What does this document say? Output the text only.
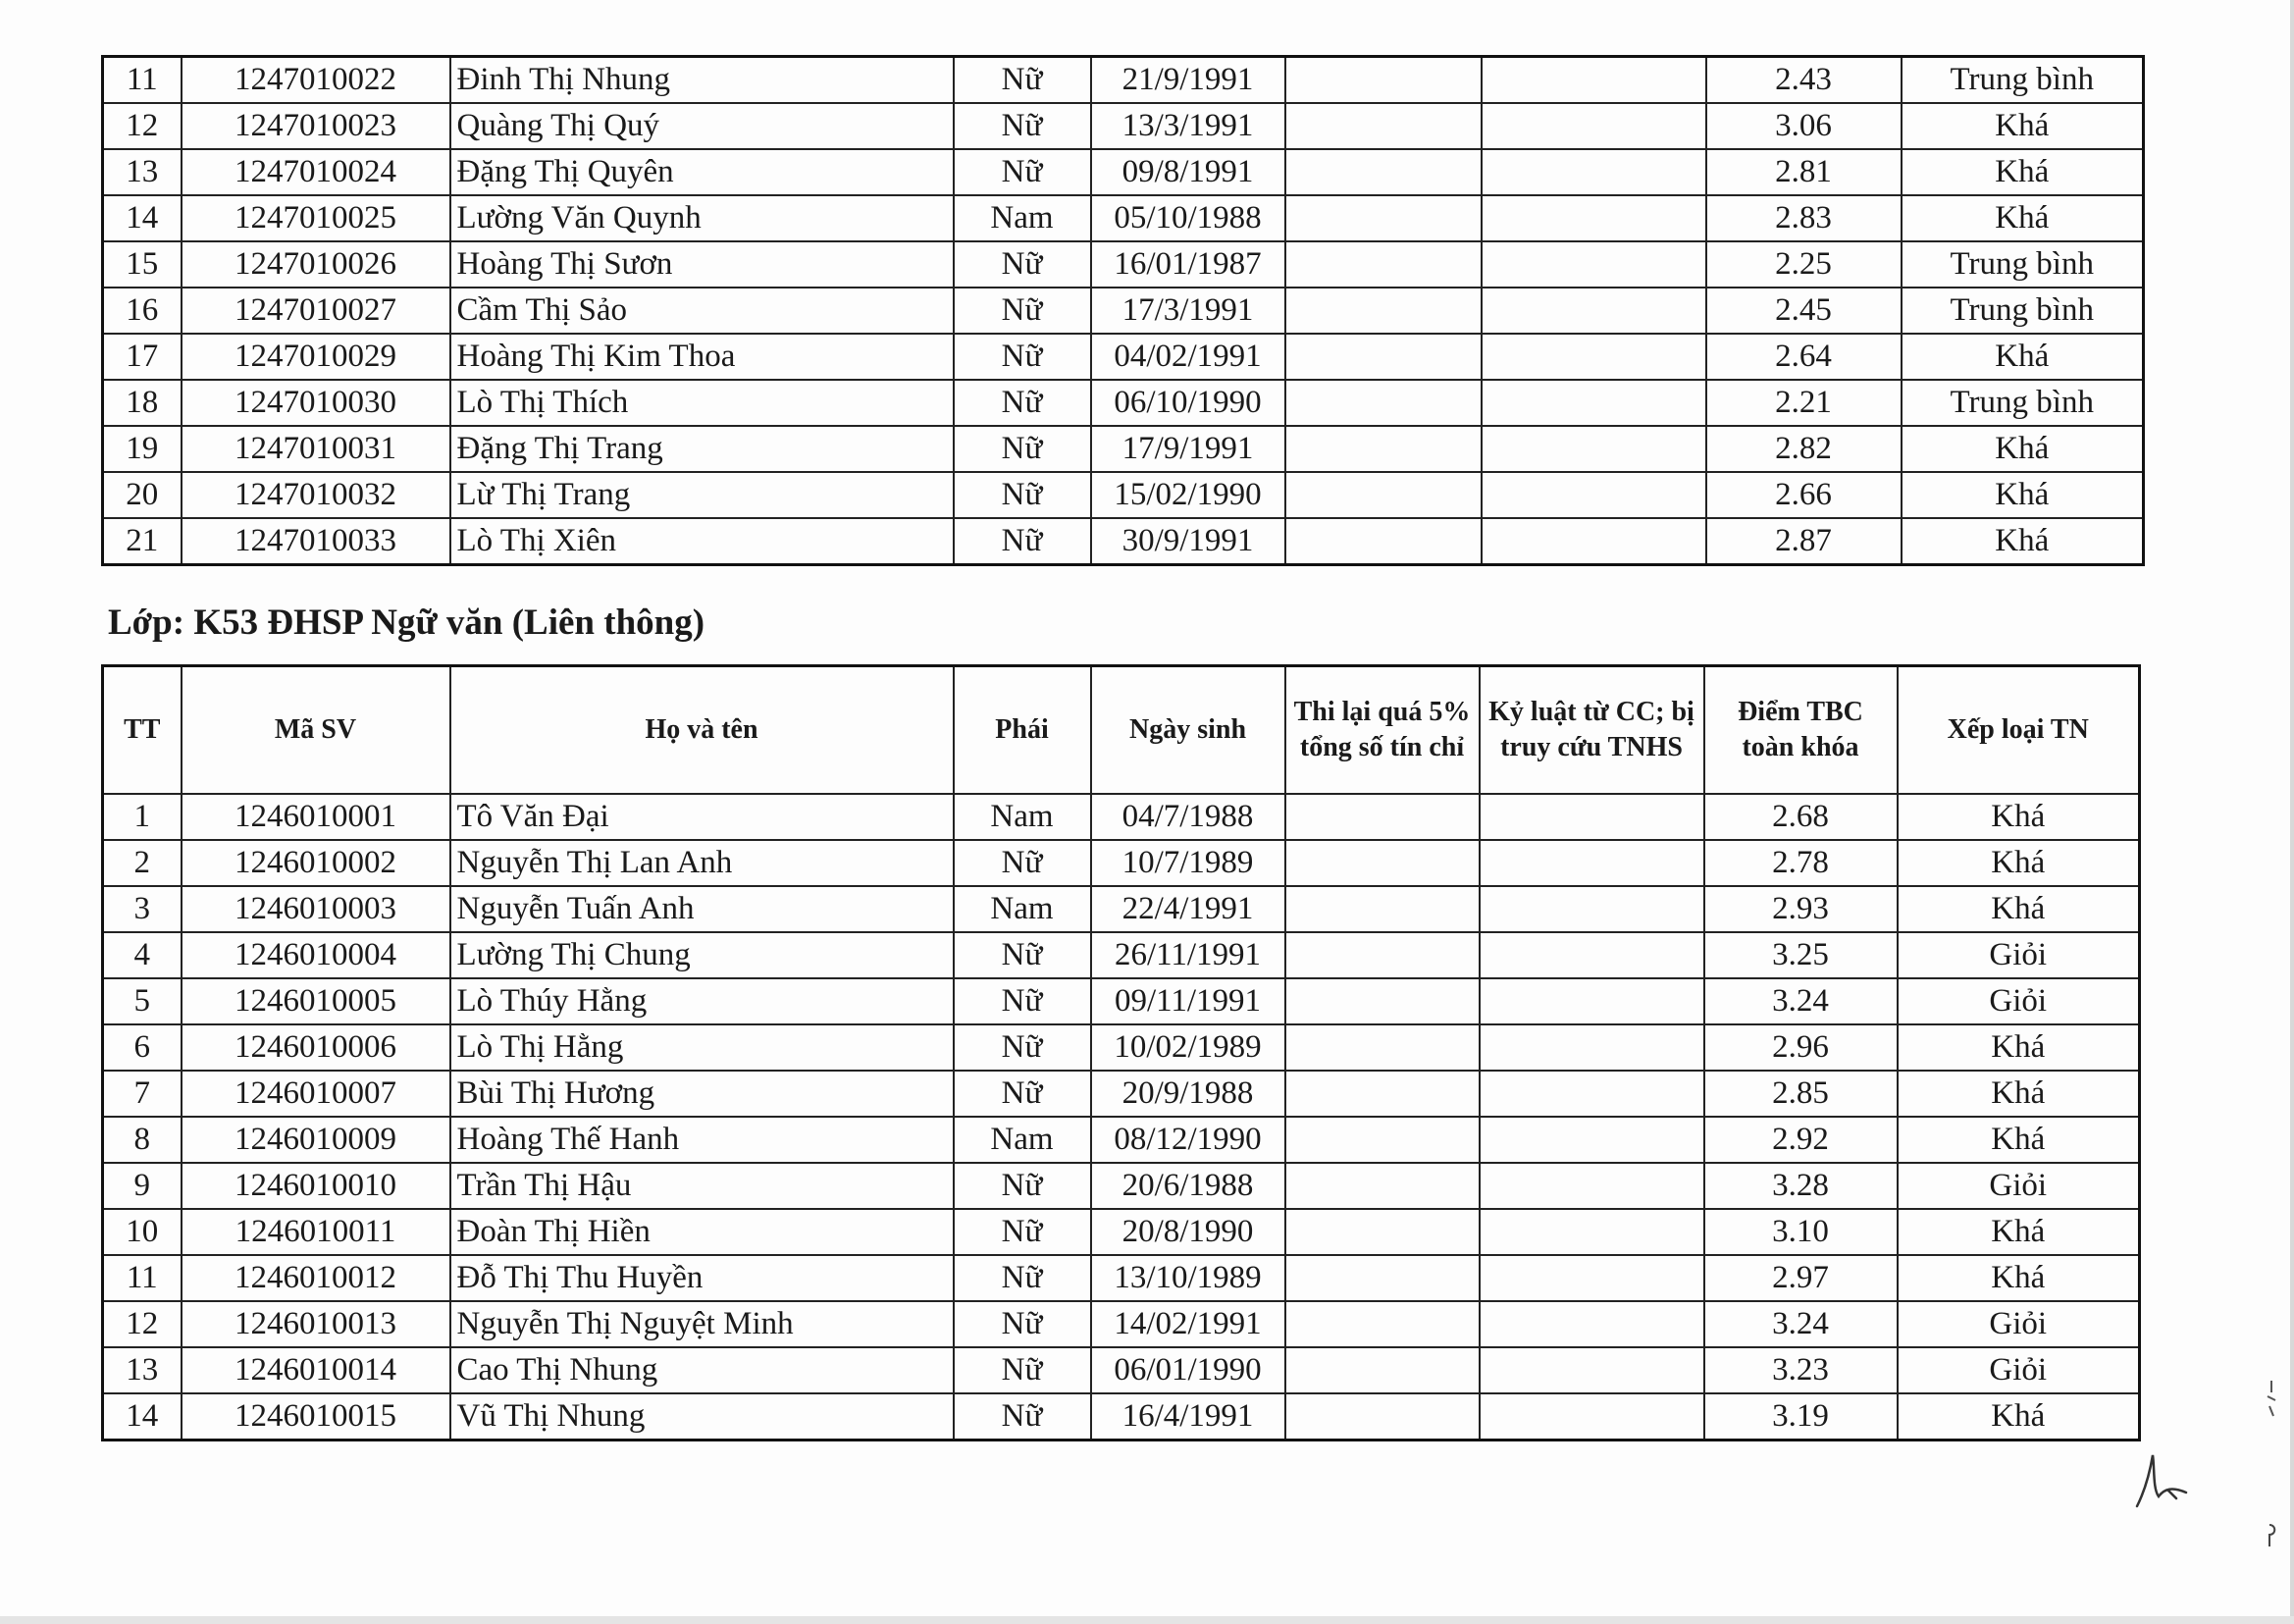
11	1247010022	Đinh Thị Nhung	Nữ	21/9/1991			2.43	Trung bình
12	1247010023	Quàng Thị Quý	Nữ	13/3/1991			3.06	Khá
13	1247010024	Đặng Thị Quyên	Nữ	09/8/1991			2.81	Khá
14	1247010025	Lường Văn Quynh	Nam	05/10/1988			2.83	Khá
15	1247010026	Hoàng Thị Sươn	Nữ	16/01/1987			2.25	Trung bình
16	1247010027	Cầm Thị Sảo	Nữ	17/3/1991			2.45	Trung bình
17	1247010029	Hoàng Thị Kim Thoa	Nữ	04/02/1991			2.64	Khá
18	1247010030	Lò Thị Thích	Nữ	06/10/1990			2.21	Trung bình
19	1247010031	Đặng Thị Trang	Nữ	17/9/1991			2.82	Khá
20	1247010032	Lừ Thị Trang	Nữ	15/02/1990			2.66	Khá
21	1247010033	Lò Thị Xiên	Nữ	30/9/1991			2.87	Khá
Lớp: K53 ĐHSP Ngữ văn (Liên thông)
TT	Mã SV	Họ và tên	Phái	Ngày sinh	Thi lại quá 5% tổng số tín chỉ	Kỷ luật từ CC; bị truy cứu TNHS	Điểm TBC toàn khóa	Xếp loại TN
1	1246010001	Tô Văn Đại	Nam	04/7/1988			2.68	Khá
2	1246010002	Nguyễn Thị Lan Anh	Nữ	10/7/1989			2.78	Khá
3	1246010003	Nguyễn Tuấn Anh	Nam	22/4/1991			2.93	Khá
4	1246010004	Lường Thị Chung	Nữ	26/11/1991			3.25	Giỏi
5	1246010005	Lò Thúy Hằng	Nữ	09/11/1991			3.24	Giỏi
6	1246010006	Lò Thị Hằng	Nữ	10/02/1989			2.96	Khá
7	1246010007	Bùi Thị Hương	Nữ	20/9/1988			2.85	Khá
8	1246010009	Hoàng Thế Hanh	Nam	08/12/1990			2.92	Khá
9	1246010010	Trần Thị Hậu	Nữ	20/6/1988			3.28	Giỏi
10	1246010011	Đoàn Thị Hiền	Nữ	20/8/1990			3.10	Khá
11	1246010012	Đỗ Thị Thu Huyền	Nữ	13/10/1989			2.97	Khá
12	1246010013	Nguyễn Thị Nguyệt Minh	Nữ	14/02/1991			3.24	Giỏi
13	1246010014	Cao Thị Nhung	Nữ	06/01/1990			3.23	Giỏi
14	1246010015	Vũ Thị Nhung	Nữ	16/4/1991			3.19	Khá
